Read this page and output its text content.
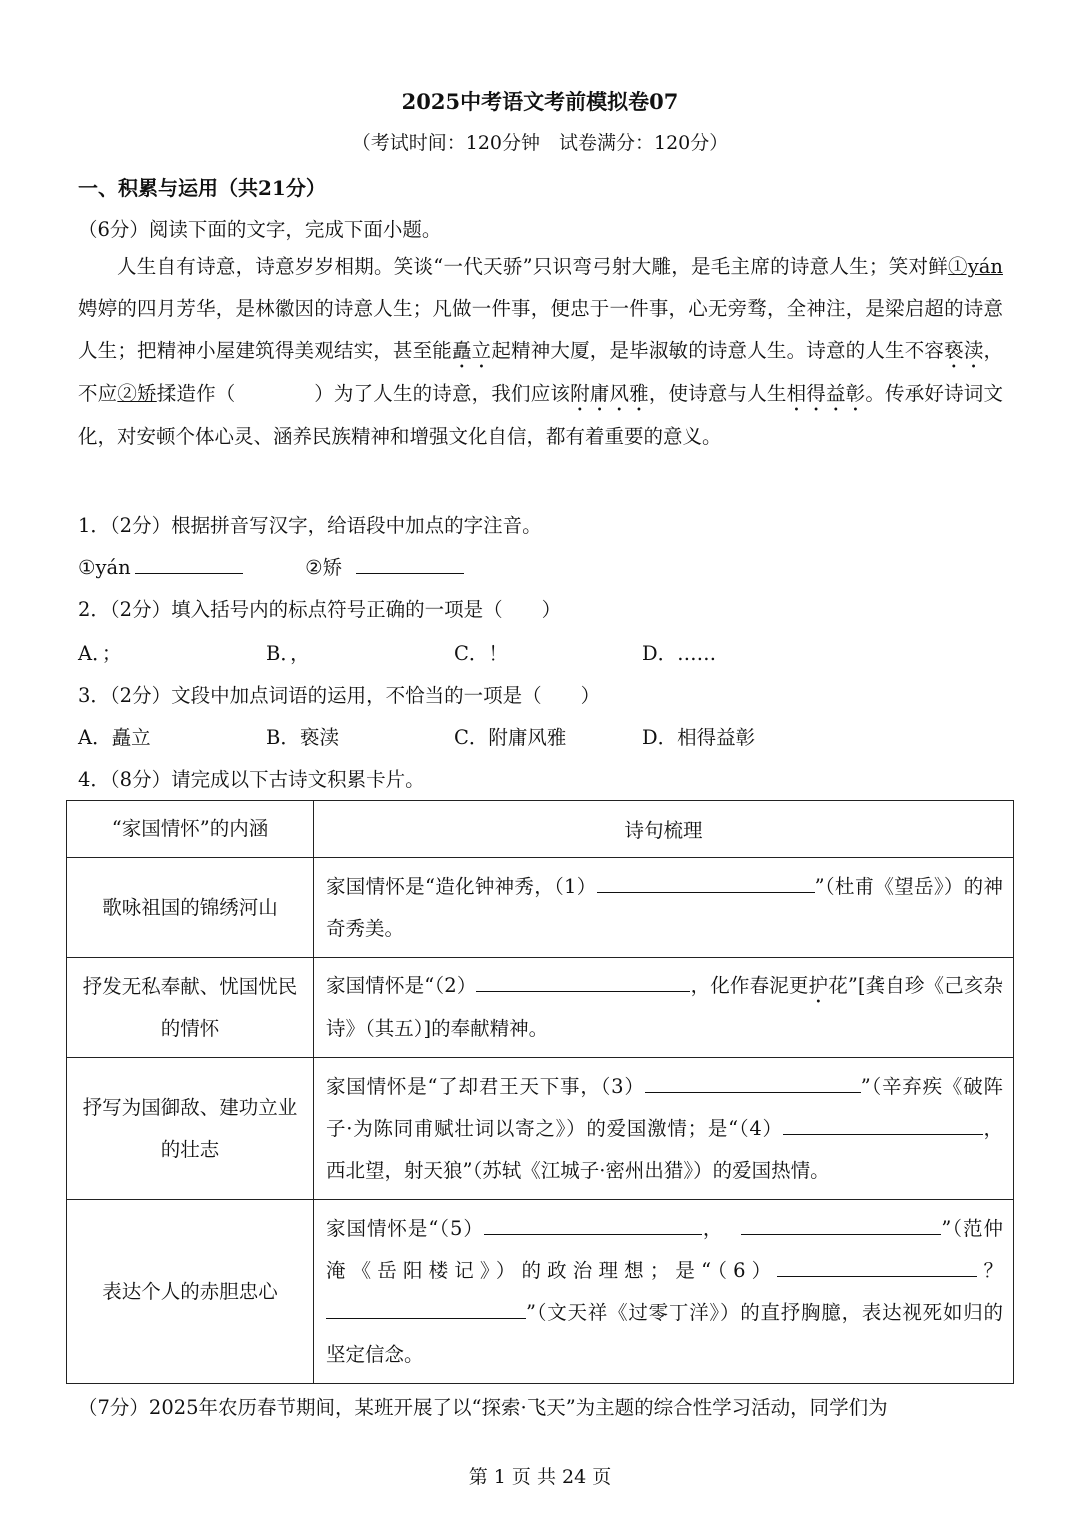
2025中考语文考前模拟卷07
（考试时间：120分钟　试卷满分：120分）
一、积累与运用（共21分）
（6分）阅读下面的文字，完成下面小题。

人生自有诗意，诗意岁岁相期。笑谈“一代天骄”只识弯弓射大雕，是毛主席的诗意人生；笑对鲜①yán娉婷的四月芳华，是林徽因的诗意人生；凡做一件事，便忠于一件事，心无旁骛，全神注，是梁启超的诗意人生；把精神小屋建筑得美观结实，甚至能矗立起精神大厦，是毕淑敏的诗意人生。诗意的人生不容亵渎，不应②矫揉造作（　　　　）为了人生的诗意，我们应该附庸风雅，使诗意与人生相得益彰。传承好诗词文化，对安顿个体心灵、涵养民族精神和增强文化自信，都有着重要的意义。

1．（2分）根据拼音写汉字，给语段中加点的字注音。
①yán	②矫
2．（2分）填入括号内的标点符号正确的一项是（　　）
A．；	B．，	C．！	D．……
3．（2分）文段中加点词语的运用，不恰当的一项是（　　）
A．矗立	B．亵渎	C．附庸风雅	D．相得益彰
4．（8分）请完成以下古诗文积累卡片。
“家国情怀”的内涵	诗句梳理
歌咏祖国的锦绣河山	家国情怀是“造化钟神秀，（1） ”（杜甫《望岳》）的神奇秀美。
抒发无私奉献、忧国忧民的情怀	家国情怀是“（2） ，化作春泥更护花”[龚自珍《己亥杂诗》（其五）]的奉献精神。
抒写为国御敌、建功立业的壮志	家国情怀是“了却君王天下事，（3） ”（辛弃疾《破阵子·为陈同甫赋壮词以寄之》）的爱国激情；是“（4） ，西北望，射天狼”（苏轼《江城子·密州出猎》）的爱国热情。
表达个人的赤胆忠心	家国情怀是“（5） ， ”（范仲淹《岳阳楼记》）的政治理想；是“（6） ？”（文天祥《过零丁洋》）的直抒胸臆，表达视死如归的坚定信念。
（7分）2025年农历春节期间，某班开展了以“探索·飞天”为主题的综合性学习活动，同学们为
第 1 页 共 24 页
